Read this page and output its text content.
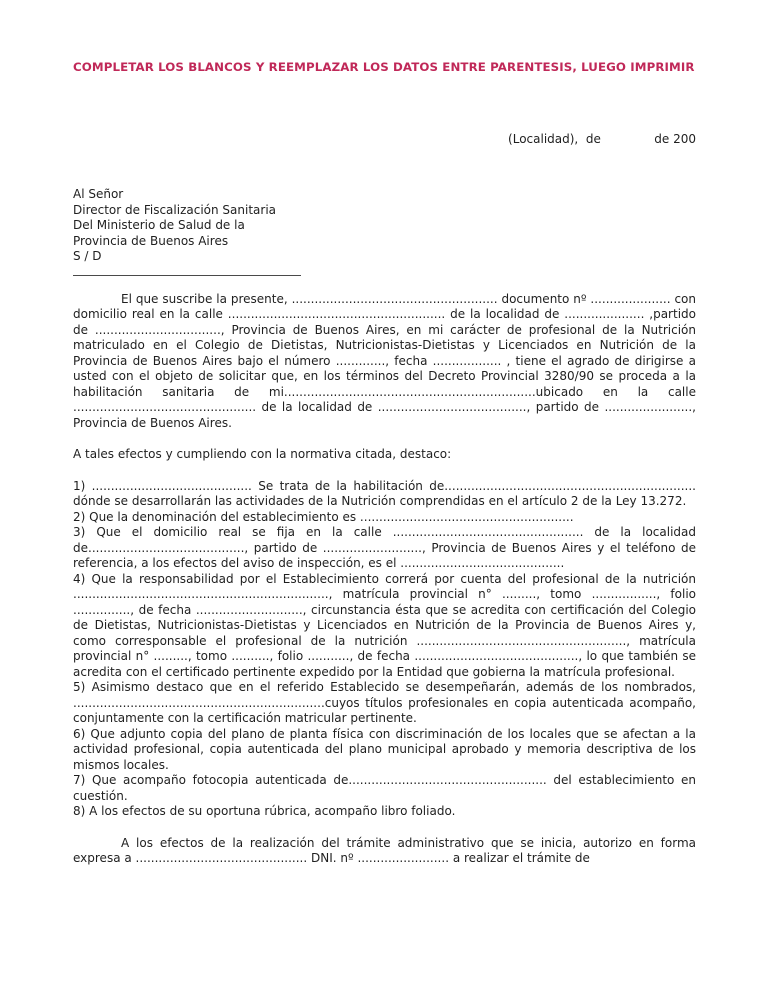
COMPLETAR LOS BLANCOS Y REEMPLAZAR LOS DATOS ENTRE PARENTESIS, LUEGO IMPRIMIR
(Localidad),  de              de 200
Al Señor
Director de Fiscalización Sanitaria
Del Ministerio de Salud de la
Provincia de Buenos Aires
S / D

El que suscribe la presente, ...................................................... documento nº ..................... con domicilio real en la calle ......................................................... de la localidad de ..................... ,partido de ................................., Provincia de Buenos Aires, en mi carácter de profesional de la Nutrición matriculado en el Colegio de Dietistas, Nutricionistas-Dietistas y Licenciados en Nutrición de la Provincia de Buenos Aires bajo el número ............., fecha .................. , tiene el agrado de dirigirse a usted con el objeto de solicitar que, en los términos del Decreto Provincial 3280/90 se proceda a la habilitación sanitaria de mi..................................................................ubicado en la calle ................................................ de la localidad de ......................................., partido de ......................., Provincia de Buenos Aires.

A tales efectos y cumpliendo con la normativa citada, destaco:

1) .......................................... Se trata de la habilitación de.................................................................. dónde se desarrollarán las actividades de la Nutrición comprendidas en el artículo 2 de la Ley 13.272.

2) Que la denominación del establecimiento es ........................................................

3) Que el domicilio real se fija en la calle .................................................. de la localidad de........................................., partido de .........................., Provincia de Buenos Aires y el teléfono de referencia, a los efectos del aviso de inspección, es el ...........................................

4) Que la responsabilidad por el Establecimiento correrá por cuenta del profesional de la nutrición ..................................................................., matrícula provincial n° ........., tomo ................., folio ..............., de fecha ............................, circunstancia ésta que se acredita con certificación del Colegio de Dietistas, Nutricionistas-Dietistas y Licenciados en Nutrición de la Provincia de Buenos Aires y, como corresponsable el profesional de la nutrición ......................................................., matrícula provincial n° ........., tomo .........., folio ..........., de fecha ..........................................., lo que también se acredita con el certificado pertinente expedido por la Entidad que gobierna la matrícula profesional.

5) Asimismo destaco que en el referido Establecido se desempeñarán, además de los nombrados, ..................................................................cuyos títulos profesionales en copia autenticada acompaño, conjuntamente con la certificación matricular pertinente.

6) Que adjunto copia del plano de planta física con discriminación de los locales que se afectan a la actividad profesional, copia autenticada del plano municipal aprobado y memoria descriptiva de los mismos locales.

7) Que acompaño fotocopia autenticada de.................................................... del establecimiento en cuestión.

8) A los efectos de su oportuna rúbrica, acompaño libro foliado.

A los efectos de la realización del trámite administrativo que se inicia, autorizo en forma expresa a ............................................. DNI. nº ........................ a realizar el trámite de
